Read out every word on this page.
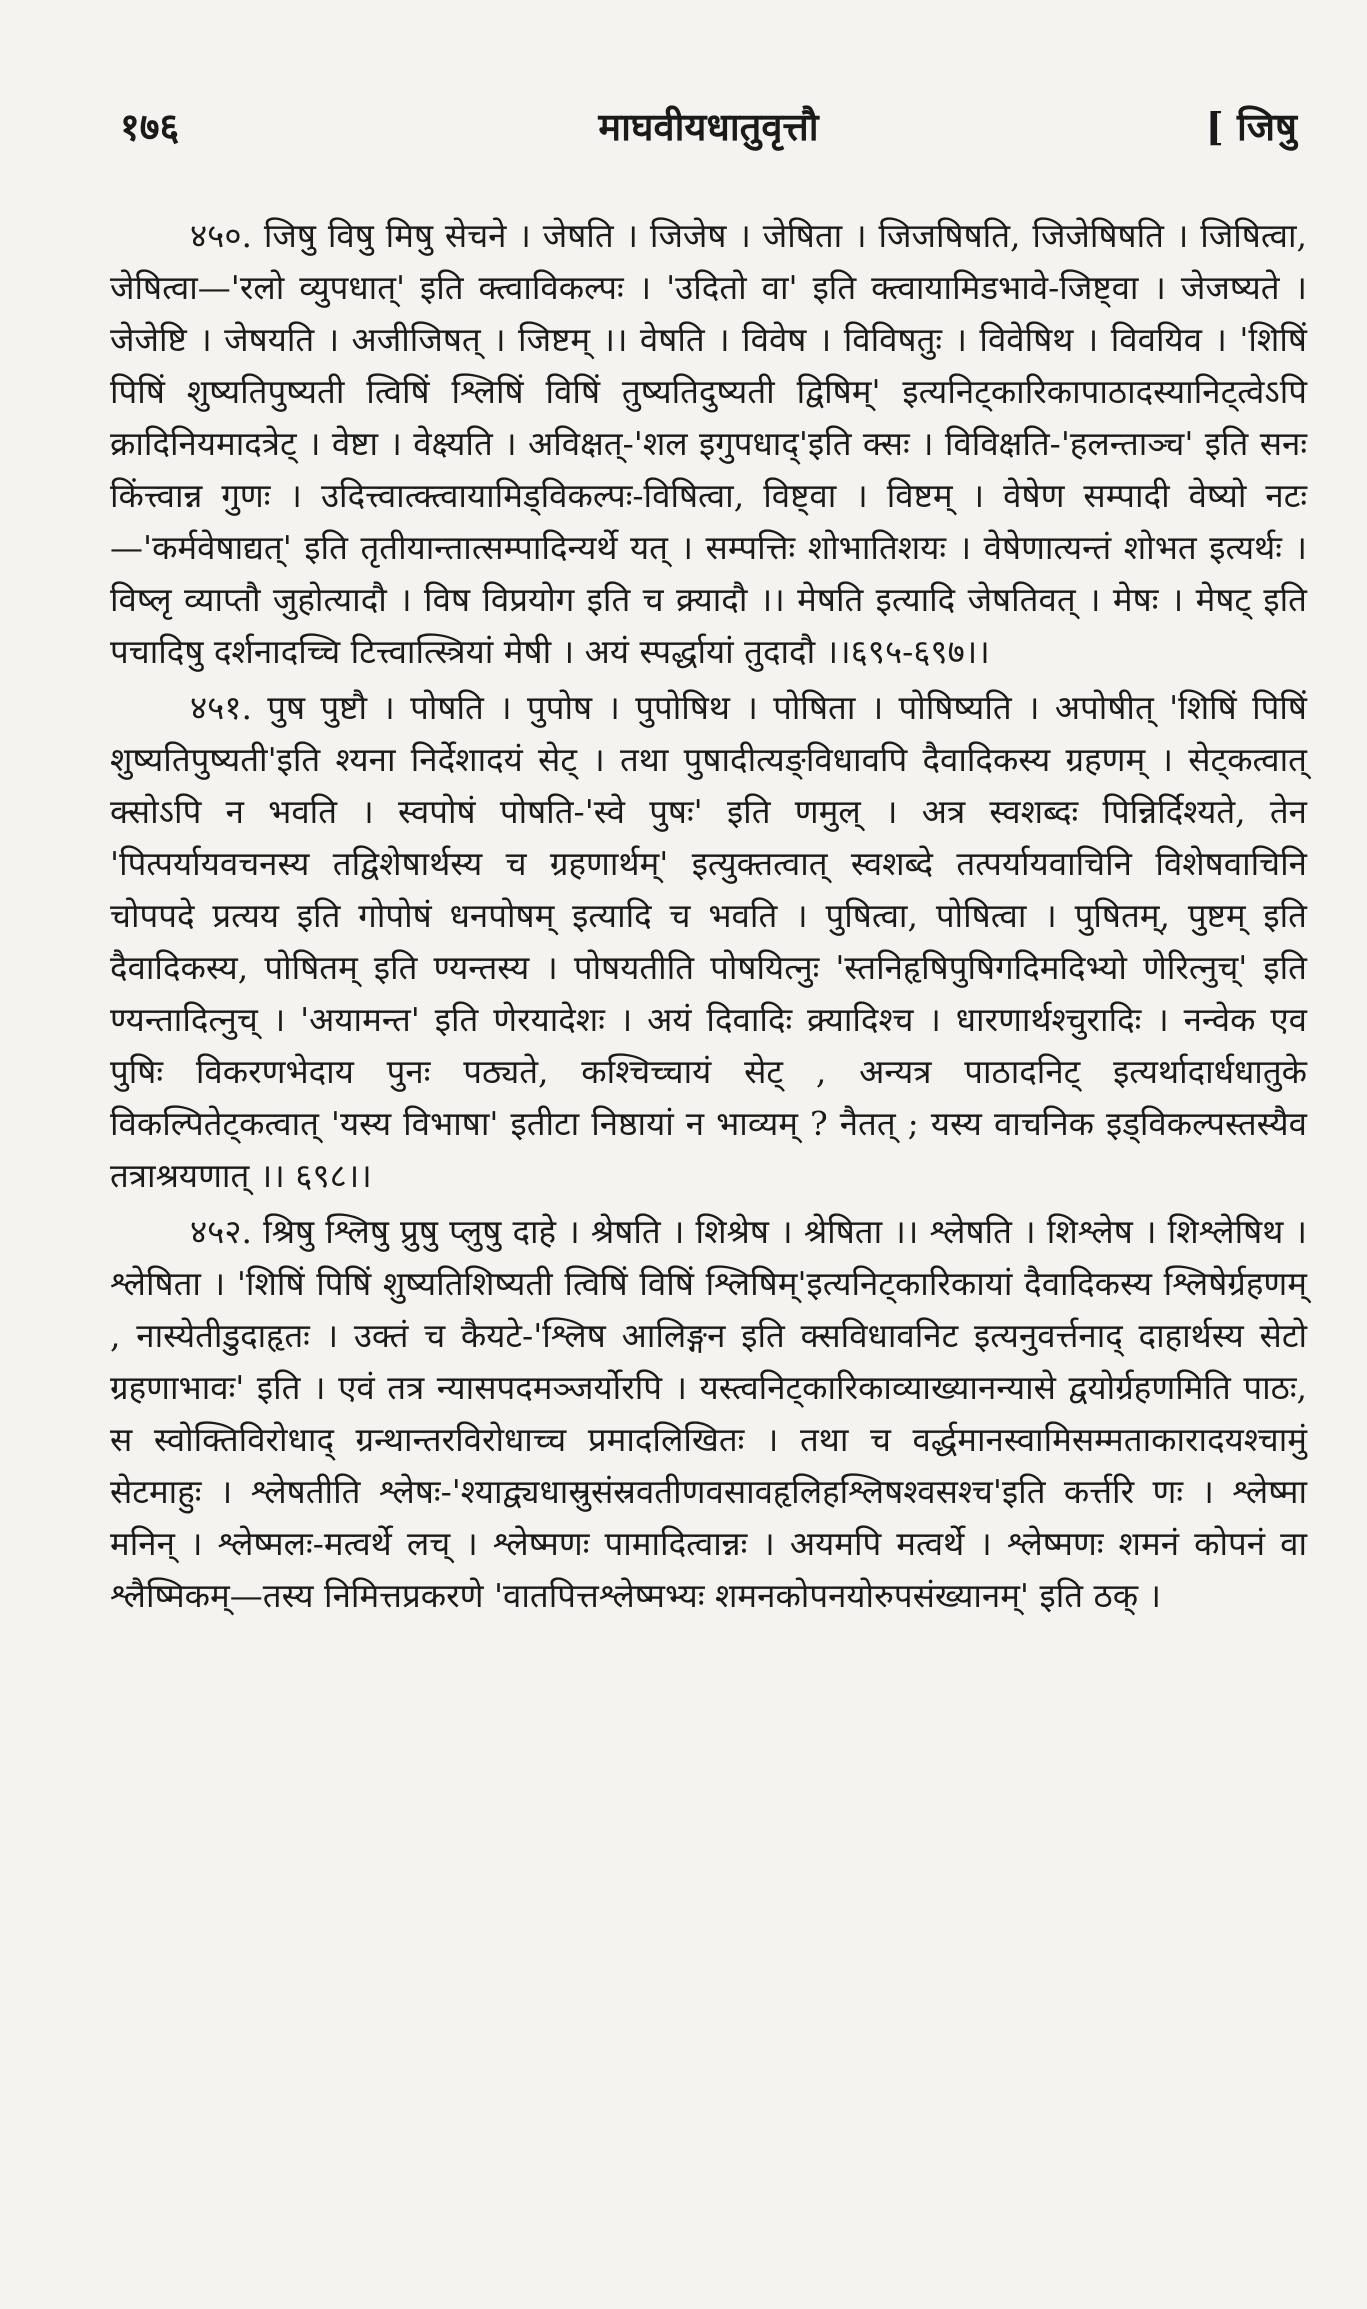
१७६	माघवीयधातुवृत्तौ	[ जिषु

४५०. जिषु विषु मिषु सेचने । जेषति । जिजेष । जेषिता । जिजषिषति, जिजेषिषति । जिषित्वा, जेषित्वा—'रलो व्युपधात्' इति क्त्वाविकल्पः । 'उदितो वा' इति क्त्वायामिडभावे-जिष्ट्वा । जेजष्यते । जेजेष्टि । जेषयति । अजीजिषत् । जिष्टम् ।। वेषति । विवेष । विविषतुः । विवेषिथ । विवयिव । 'शिषिं पिषिं शुष्यतिपुष्यती त्विषिं श्लिषिं विषिं तुष्यतिदुष्यती द्विषिम्' इत्यनिट्कारिकापाठादस्यानिट्त्वेऽपि क्रादिनियमादत्रेट् । वेष्टा । वेक्ष्यति । अविक्षत्-'शल इगुपधाद्'इति क्सः । विविक्षति-'हलन्ताञ्च' इति सनः किंत्त्वान्न गुणः । उदित्त्वात्क्त्वायामिड्विकल्पः-विषित्वा, विष्ट्वा । विष्टम् । वेषेण सम्पादी वेष्यो नटः—'कर्मवेषाद्यत्' इति तृतीयान्तात्सम्पादिन्यर्थे यत् । सम्पत्तिः शोभातिशयः । वेषेणात्यन्तं शोभत इत्यर्थः । विष्लृ व्याप्तौ जुहोत्यादौ । विष विप्रयोग इति च क्र्यादौ ।। मेषति इत्यादि जेषतिवत् । मेषः । मेषट् इति पचादिषु दर्शनादच्चि टित्त्वात्स्त्रियां मेषी । अयं स्पर्द्धायां तुदादौ ।।६९५-६९७।।

४५१. पुष पुष्टौ । पोषति । पुपोष । पुपोषिथ । पोषिता । पोषिष्यति । अपोषीत् 'शिषिं पिषिं शुष्यतिपुष्यती'इति श्यना निर्देशादयं सेट् । तथा पुषादीत्यङ्विधावपि दैवादिकस्य ग्रहणम् । सेट्कत्वात् क्सोऽपि न भवति । स्वपोषं पोषति-'स्वे पुषः' इति णमुल् । अत्र स्वशब्दः पिन्निर्दिश्यते, तेन 'पित्पर्यायवचनस्य तद्विशेषार्थस्य च ग्रहणार्थम्' इत्युक्तत्वात् स्वशब्दे तत्पर्यायवाचिनि विशेषवाचिनि चोपपदे प्रत्यय इति गोपोषं धनपोषम् इत्यादि च भवति । पुषित्वा, पोषित्वा । पुषितम्, पुष्टम् इति दैवादिकस्य, पोषितम् इति ण्यन्तस्य । पोषयतीति पोषयित्नुः 'स्तनिहृषिपुषिगदिमदिभ्यो णेरित्नुच्' इति ण्यन्तादित्नुच् । 'अयामन्त' इति णेरयादेशः । अयं दिवादिः क्र्यादिश्च । धारणार्थश्चुरादिः । नन्वेक एव पुषिः विकरणभेदाय पुनः पठ्यते, कश्चिच्चायं सेट् , अन्यत्र पाठादनिट् इत्यर्थादार्धधातुके विकल्पितेट्कत्वात् 'यस्य विभाषा' इतीटा निष्ठायां न भाव्यम् ? नैतत् ; यस्य वाचनिक इड्विकल्पस्तस्यैव तत्राश्रयणात् ।। ६९८।।

४५२. श्रिषु श्लिषु प्रुषु प्लुषु दाहे । श्रेषति । शिश्रेष । श्रेषिता ।। श्लेषति । शिश्लेष । शिश्लेषिथ । श्लेषिता । 'शिषिं पिषिं शुष्यतिशिष्यती त्विषिं विषिं श्लिषिम्'इत्यनिट्कारिकायां दैवादिकस्य श्लिषेर्ग्रहणम् , नास्येतीडुदाहृतः । उक्तं च कैयटे-'श्लिष आलिङ्गन इति क्सविधावनिट इत्यनुवर्त्तनाद् दाहार्थस्य सेटो ग्रहणाभावः' इति । एवं तत्र न्यासपदमञ्जर्योरपि । यस्त्वनिट्कारिकाव्याख्यानन्यासे द्वयोर्ग्रहणमिति पाठः, स स्वोक्तिविरोधाद् ग्रन्थान्तरविरोधाच्च प्रमादलिखितः । तथा च वर्द्धमानस्वामिसम्मताकारादयश्चामुं सेटमाहुः । श्लेषतीति श्लेषः-'श्याद्व्यधास्रुसंस्रवतीणवसावहृलिहश्लिषश्वसश्च'इति कर्त्तरि णः । श्लेष्मा मनिन् । श्लेष्मलः-मत्वर्थे लच् । श्लेष्मणः पामादित्वान्नः । अयमपि मत्वर्थे । श्लेष्मणः शमनं कोपनं वा श्लैष्मिकम्—तस्य निमित्तप्रकरणे 'वातपित्तश्लेष्मभ्यः शमनकोपनयोरुपसंख्यानम्' इति ठक् ।
